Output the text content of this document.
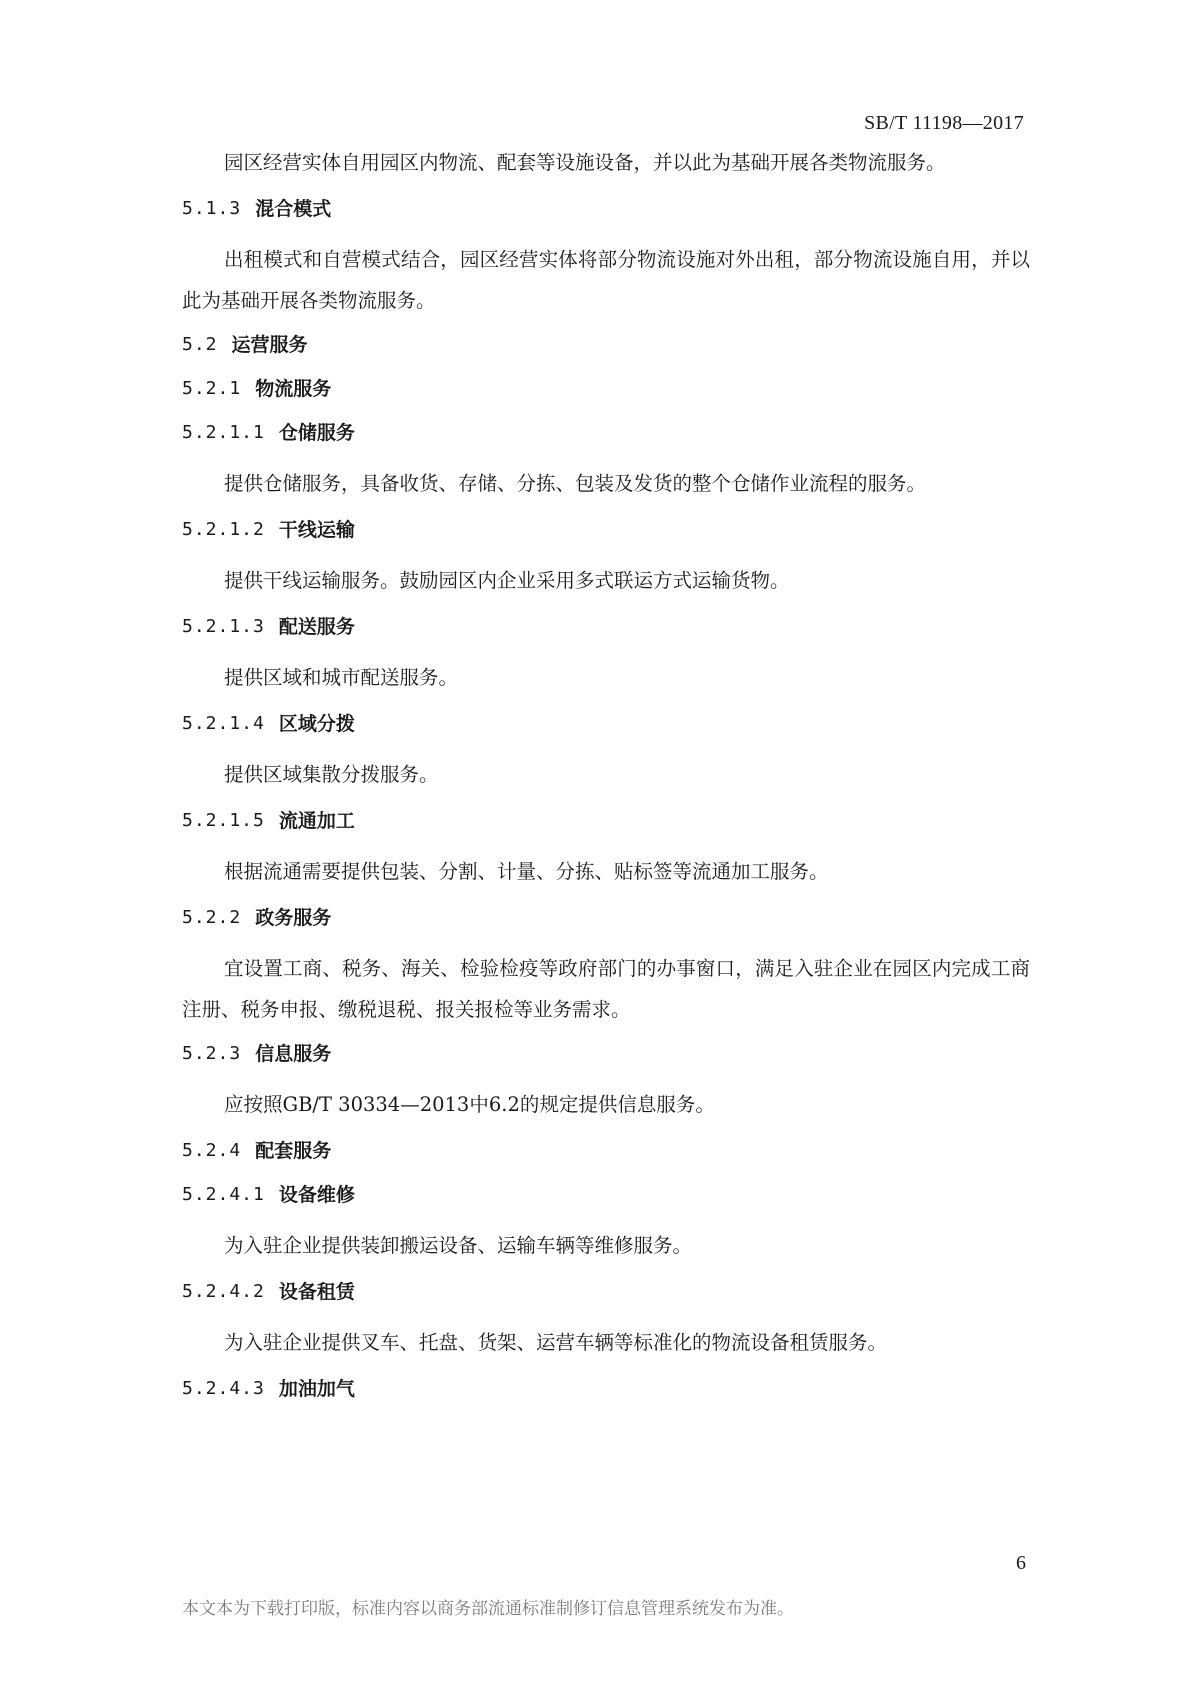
SB/T 11198—2017

园区经营实体自用园区内物流、配套等设施设备，并以此为基础开展各类物流服务。

5.1.3 混合模式

出租模式和自营模式结合，园区经营实体将部分物流设施对外出租，部分物流设施自用，并以此为基础开展各类物流服务。

5.2 运营服务
5.2.1 物流服务
5.2.1.1 仓储服务

提供仓储服务，具备收货、存储、分拣、包装及发货的整个仓储作业流程的服务。

5.2.1.2 干线运输

提供干线运输服务。鼓励园区内企业采用多式联运方式运输货物。

5.2.1.3 配送服务

提供区域和城市配送服务。

5.2.1.4 区域分拨

提供区域集散分拨服务。

5.2.1.5 流通加工

根据流通需要提供包装、分割、计量、分拣、贴标签等流通加工服务。

5.2.2 政务服务

宜设置工商、税务、海关、检验检疫等政府部门的办事窗口，满足入驻企业在园区内完成工商注册、税务申报、缴税退税、报关报检等业务需求。

5.2.3 信息服务

应按照GB/T 30334—2013中6.2的规定提供信息服务。

5.2.4 配套服务
5.2.4.1 设备维修

为入驻企业提供装卸搬运设备、运输车辆等维修服务。

5.2.4.2 设备租赁

为入驻企业提供叉车、托盘、货架、运营车辆等标准化的物流设备租赁服务。

5.2.4.3 加油加气
6
本文本为下载打印版，标准内容以商务部流通标准制修订信息管理系统发布为准。
